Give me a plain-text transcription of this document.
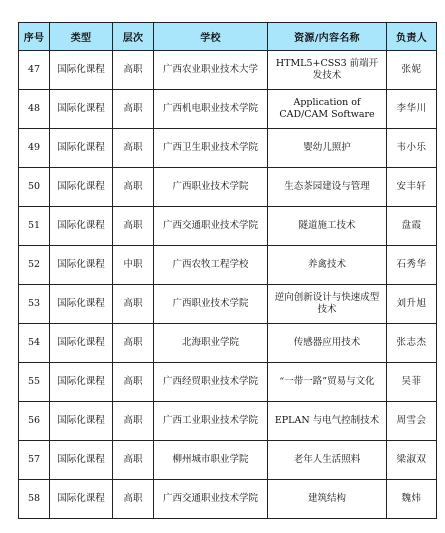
序号	类型	层次	学校	资源/内容名称	负责人
47	国际化课程	高职	广西农业职业技术大学	HTML5+CSS3 前端开发技术	张妮
48	国际化课程	高职	广西机电职业技术学院	Application of CAD/CAM Software	李华川
49	国际化课程	高职	广西卫生职业技术学院	婴幼儿照护	韦小乐
50	国际化课程	高职	广西职业技术学院	生态茶园建设与管理	安丰轩
51	国际化课程	高职	广西交通职业技术学院	隧道施工技术	盘霞
52	国际化课程	中职	广西农牧工程学校	养禽技术	石秀华
53	国际化课程	高职	广西职业技术学院	逆向创新设计与快速成型技术	刘升旭
54	国际化课程	高职	北海职业学院	传感器应用技术	张志杰
55	国际化课程	高职	广西经贸职业技术学院	“一带一路”贸易与文化	吴菲
56	国际化课程	高职	广西工业职业技术学院	EPLAN 与电气控制技术	周雪会
57	国际化课程	高职	柳州城市职业学院	老年人生活照料	梁淑双
58	国际化课程	高职	广西交通职业技术学院	建筑结构	魏炜
